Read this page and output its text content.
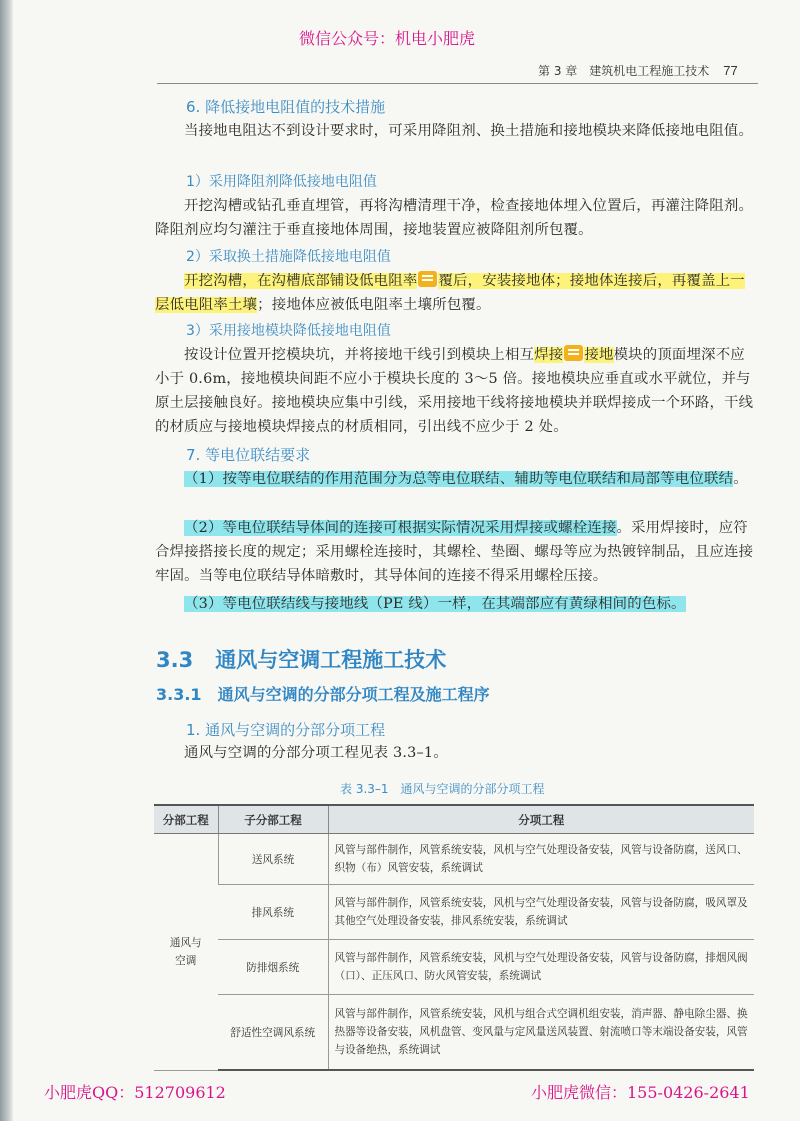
微信公众号：机电小肥虎
第 3 章　建筑机电工程施工技术 77
6. 降低接地电阻值的技术措施
当接地电阻达不到设计要求时，可采用降阻剂、换土措施和接地模块来降低接地电阻值。
1）采用降阻剂降低接地电阻值
开挖沟槽或钻孔垂直埋管，再将沟槽清理干净，检查接地体埋入位置后，再灌注降阻剂。降阻剂应均匀灌注于垂直接地体周围，接地装置应被降阻剂所包覆。
2）采取换土措施降低接地电阻值
开挖沟槽，在沟槽底部铺设低电阻率 覆后，安装接地体；接地体连接后，再覆盖上一层低电阻率土壤；接地体应被低电阻率土壤所包覆。
3）采用接地模块降低接地电阻值
按设计位置开挖模块坑，并将接地干线引到模块上相互焊接 接地模块的顶面埋深不应小于 0.6m，接地模块间距不应小于模块长度的 3～5 倍。接地模块应垂直或水平就位，并与原土层接触良好。接地模块应集中引线，采用接地干线将接地模块并联焊接成一个环路，干线的材质应与接地模块焊接点的材质相同，引出线不应少于 2 处。
7. 等电位联结要求
（1）按等电位联结的作用范围分为总等电位联结、辅助等电位联结和局部等电位联结。
（2）等电位联结导体间的连接可根据实际情况采用焊接或螺栓连接。采用焊接时，应符合焊接搭接长度的规定；采用螺栓连接时，其螺栓、垫圈、螺母等应为热镀锌制品，且应连接牢固。当等电位联结导体暗敷时，其导体间的连接不得采用螺栓压接。
（3）等电位联结线与接地线（PE 线）一样，在其端部应有黄绿相间的色标。
3.3 通风与空调工程施工技术
3.3.1 通风与空调的分部分项工程及施工程序
1. 通风与空调的分部分项工程
通风与空调的分部分项工程见表 3.3–1。
表 3.3–1　通风与空调的分部分项工程
分部工程	子分部工程	分项工程
通风与空调	送风系统	风管与部件制作，风管系统安装，风机与空气处理设备安装，风管与设备防腐，送风口、织物（布）风管安装，系统调试
	排风系统	风管与部件制作，风管系统安装，风机与空气处理设备安装，风管与设备防腐，吸风罩及其他空气处理设备安装，排风系统安装，系统调试
	防排烟系统	风管与部件制作，风管系统安装，风机与空气处理设备安装，风管与设备防腐，排烟风阀（口）、正压风口、防火风管安装，系统调试
	舒适性空调风系统	风管与部件制作，风管系统安装，风机与组合式空调机组安装，消声器、静电除尘器、换热器等设备安装，风机盘管、变风量与定风量送风装置、射流喷口等末端设备安装，风管与设备绝热，系统调试
小肥虎QQ：512709612	小肥虎微信：155-0426-2641
